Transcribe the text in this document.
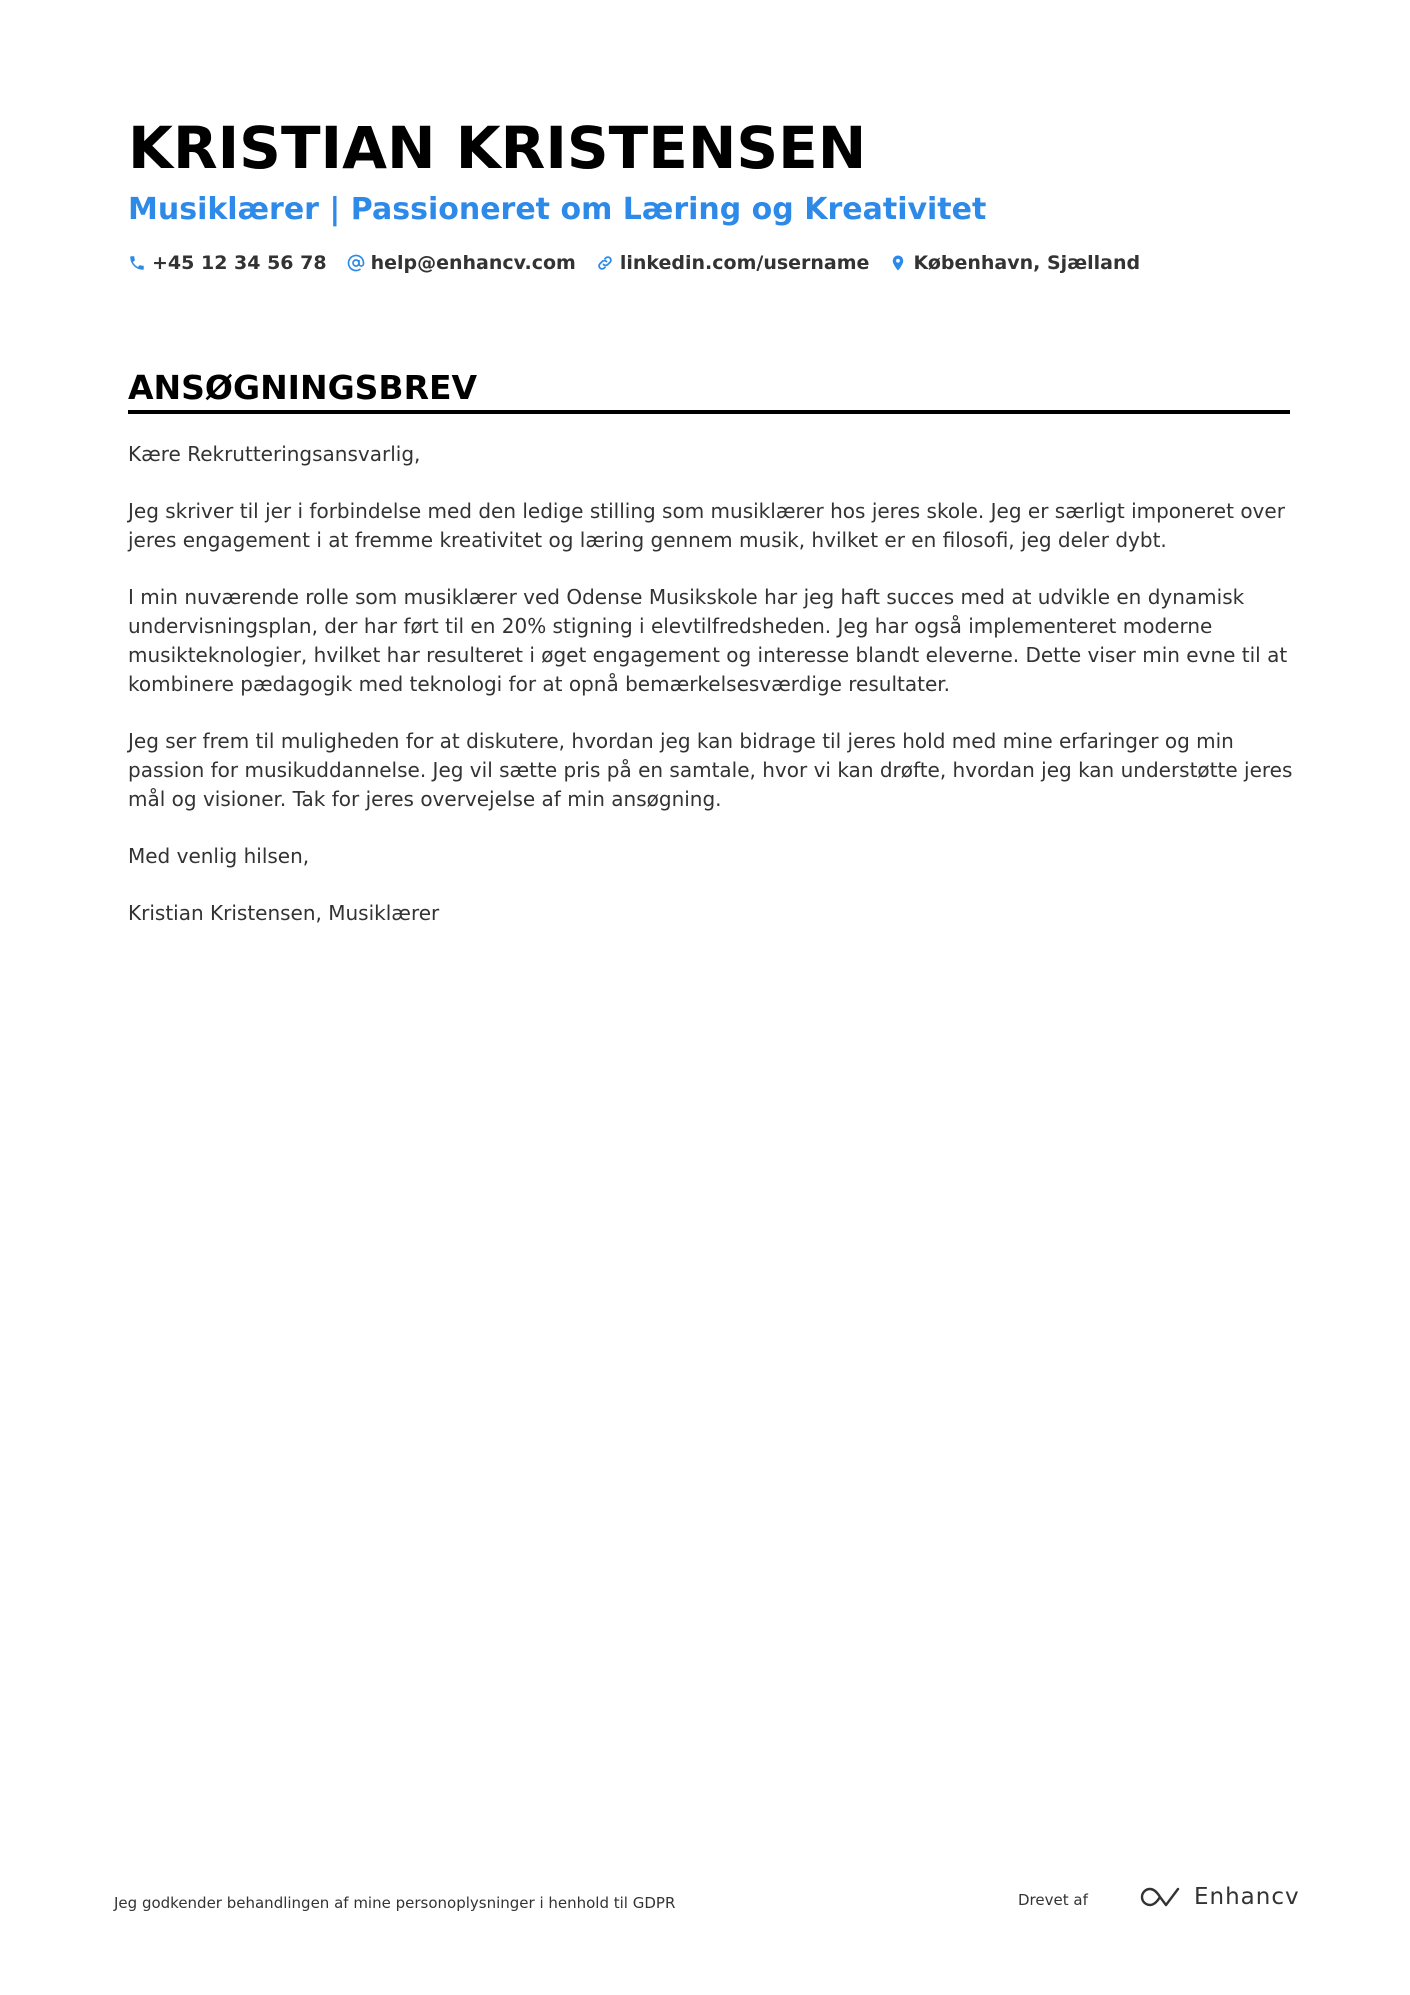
KRISTIAN KRISTENSEN
Musiklærer | Passioneret om Læring og Kreativitet
+45 12 34 56 78 help@enhancv.com linkedin.com/username København, Sjælland
ANSØGNINGSBREV

Kære Rekrutteringsansvarlig,

Jeg skriver til jer i forbindelse med den ledige stilling som musiklærer hos jeres skole. Jeg er særligt imponeret over jeres engagement i at fremme kreativitet og læring gennem musik, hvilket er en filosofi, jeg deler dybt.

I min nuværende rolle som musiklærer ved Odense Musikskole har jeg haft succes med at udvikle en dynamisk undervisningsplan, der har ført til en 20% stigning i elevtilfredsheden. Jeg har også implementeret moderne musikteknologier, hvilket har resulteret i øget engagement og interesse blandt eleverne. Dette viser min evne til at kombinere pædagogik med teknologi for at opnå bemærkelsesværdige resultater.

Jeg ser frem til muligheden for at diskutere, hvordan jeg kan bidrage til jeres hold med mine erfaringer og min passion for musikuddannelse. Jeg vil sætte pris på en samtale, hvor vi kan drøfte, hvordan jeg kan understøtte jeres mål og visioner. Tak for jeres overvejelse af min ansøgning.

Med venlig hilsen,

Kristian Kristensen, Musiklærer

Jeg godkender behandlingen af mine personoplysninger i henhold til GDPR	Drevet af	Enhancv
